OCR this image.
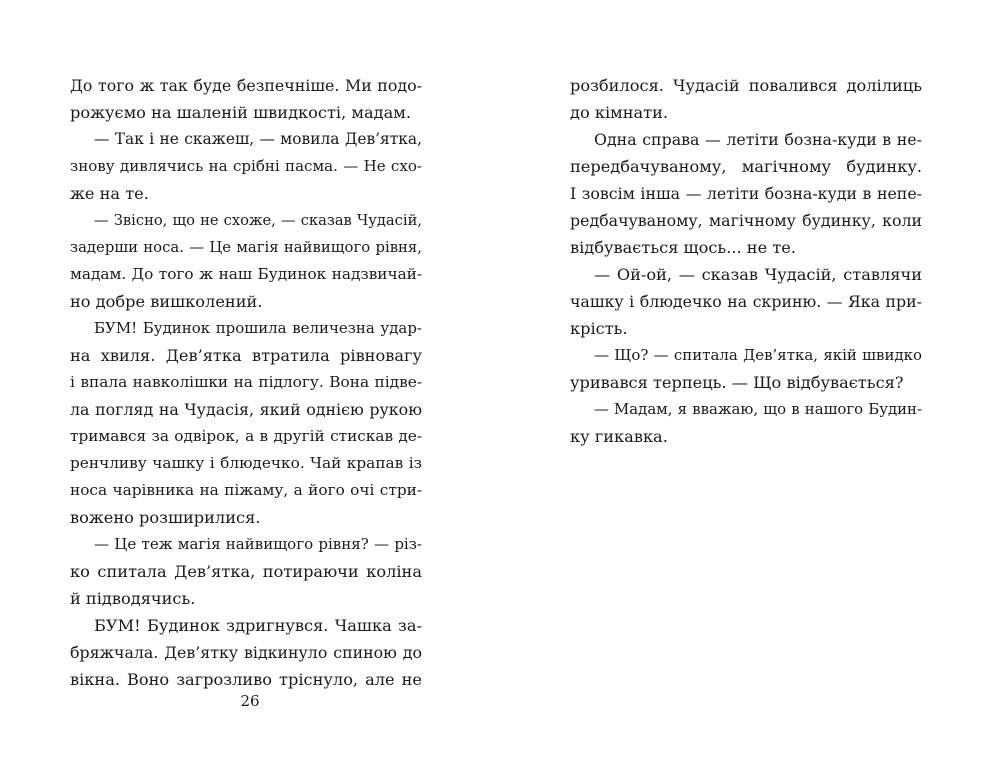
До того ж так буде безпечніше. Ми подо-
рожуємо на шаленій швидкості, мадам.
— Так і не скажеш, — мовила Дев’ятка,
знову дивлячись на срібні пасма. — Не схо-
же на те.
— Звісно, що не схоже, — сказав Чудасій,
задерши носа. — Це магія найвищого рівня,
мадам. До того ж наш Будинок надзвичай-
но добре вишколений.
БУМ! Будинок прошила величезна удар-
на хвиля. Дев’ятка втратила рівновагу
і впала навколішки на підлогу. Вона підве-
ла погляд на Чудасія, який однією рукою
тримався за одвірок, а в другій стискав де-
ренчливу чашку і блюдечко. Чай крапав із
носа чарівника на піжаму, а його очі стри-
вожено розширилися.
— Це теж магія найвищого рівня? — різ-
ко спитала Дев’ятка, потираючи коліна
й підводячись.
БУМ! Будинок здригнувся. Чашка за-
бряжчала. Дев’ятку відкинуло спиною до
вікна. Воно загрозливо тріснуло, але не
розбилося. Чудасій повалився долілиць
до кімнати.
Одна справа — летіти бозна-куди в не-
передбачуваному, магічному будинку.
І зовсім інша — летіти бозна-куди в непе-
редбачуваному, магічному будинку, коли
відбувається щось... не те.
— Ой-ой, — сказав Чудасій, ставлячи
чашку і блюдечко на скриню. — Яка при-
крість.
— Що? — спитала Дев’ятка, якій швидко
уривався терпець. — Що відбувається?
— Мадам, я вважаю, що в нашого Будин-
ку гикавка.
26
